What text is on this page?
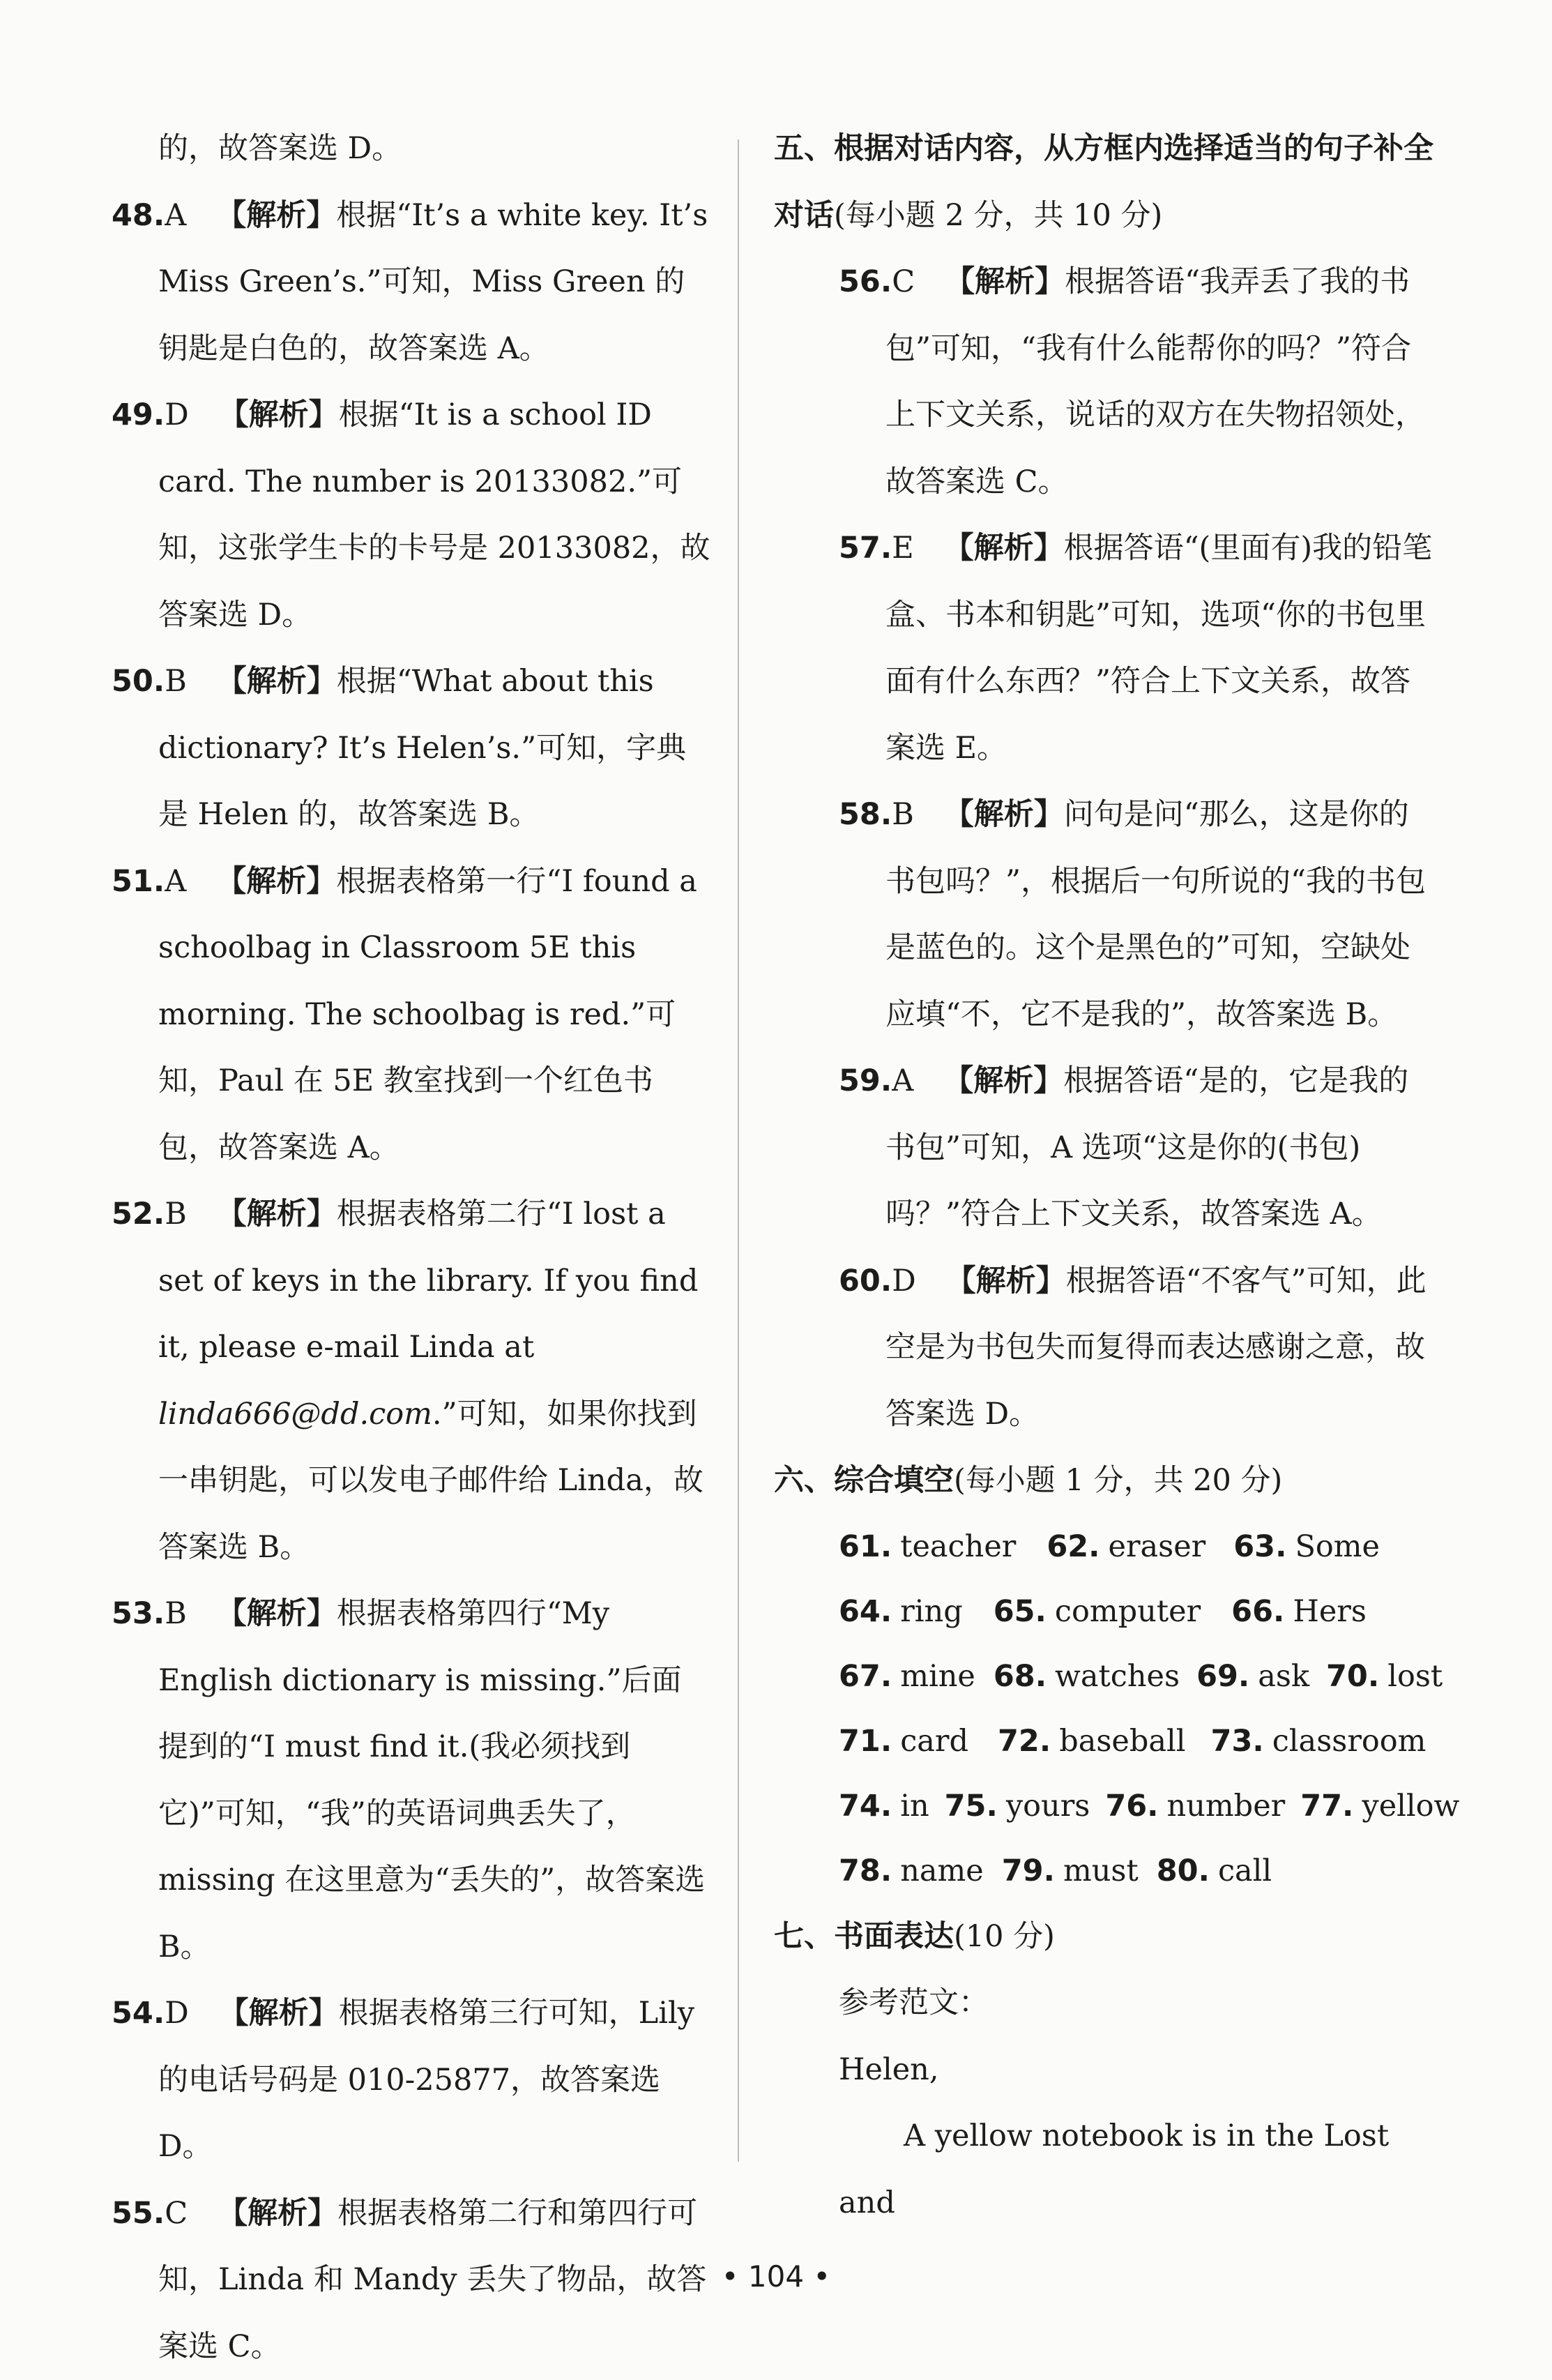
的，故答案选 D。

48.A  【解析】根据“It’s a white key. It’s Miss Green’s.”可知，Miss Green 的钥匙是白色的，故答案选 A。

49.D  【解析】根据“It is a school ID card. The number is 20133082.”可知，这张学生卡的卡号是 20133082，故答案选 D。

50.B  【解析】根据“What about this dictionary? It’s Helen’s.”可知，字典是 Helen 的，故答案选 B。

51.A  【解析】根据表格第一行“I found a schoolbag in Classroom 5E this morning. The schoolbag is red.”可知，Paul 在 5E 教室找到一个红色书包，故答案选 A。

52.B  【解析】根据表格第二行“I lost a set of keys in the library. If you find it, please e-mail Linda at linda666@dd.com.”可知，如果你找到一串钥匙，可以发电子邮件给 Linda，故答案选 B。

53.B  【解析】根据表格第四行“My English dictionary is missing.”后面提到的“I must find it.(我必须找到它)”可知，“我”的英语词典丢失了，missing 在这里意为“丢失的”，故答案选 B。

54.D  【解析】根据表格第三行可知，Lily 的电话号码是 010-25877，故答案选 D。

55.C  【解析】根据表格第二行和第四行可知，Linda 和 Mandy 丢失了物品，故答案选 C。

五、根据对话内容，从方框内选择适当的句子补全对话(每小题 2 分，共 10 分)

56.C  【解析】根据答语“我弄丢了我的书包”可知，“我有什么能帮你的吗？”符合上下文关系，说话的双方在失物招领处，故答案选 C。

57.E  【解析】根据答语“(里面有)我的铅笔盒、书本和钥匙”可知，选项“你的书包里面有什么东西？”符合上下文关系，故答案选 E。

58.B  【解析】问句是问“那么，这是你的书包吗？”，根据后一句所说的“我的书包是蓝色的。这个是黑色的”可知，空缺处应填“不，它不是我的”，故答案选 B。

59.A  【解析】根据答语“是的，它是我的书包”可知，A 选项“这是你的(书包)吗？”符合上下文关系，故答案选 A。

60.D  【解析】根据答语“不客气”可知，此空是为书包失而复得而表达感谢之意，故答案选 D。

六、综合填空(每小题 1 分，共 20 分)

61. teacher 62. eraser 63. Some
64. ring 65. computer 66. Hers
67. mine 68. watches 69. ask 70. lost
71. card 72. baseball 73. classroom
74. in 75. yours 76. number 77. yellow
78. name 79. must 80. call

七、书面表达(10 分)

参考范文：

Helen,

A yellow notebook is in the Lost and

• 104 •
